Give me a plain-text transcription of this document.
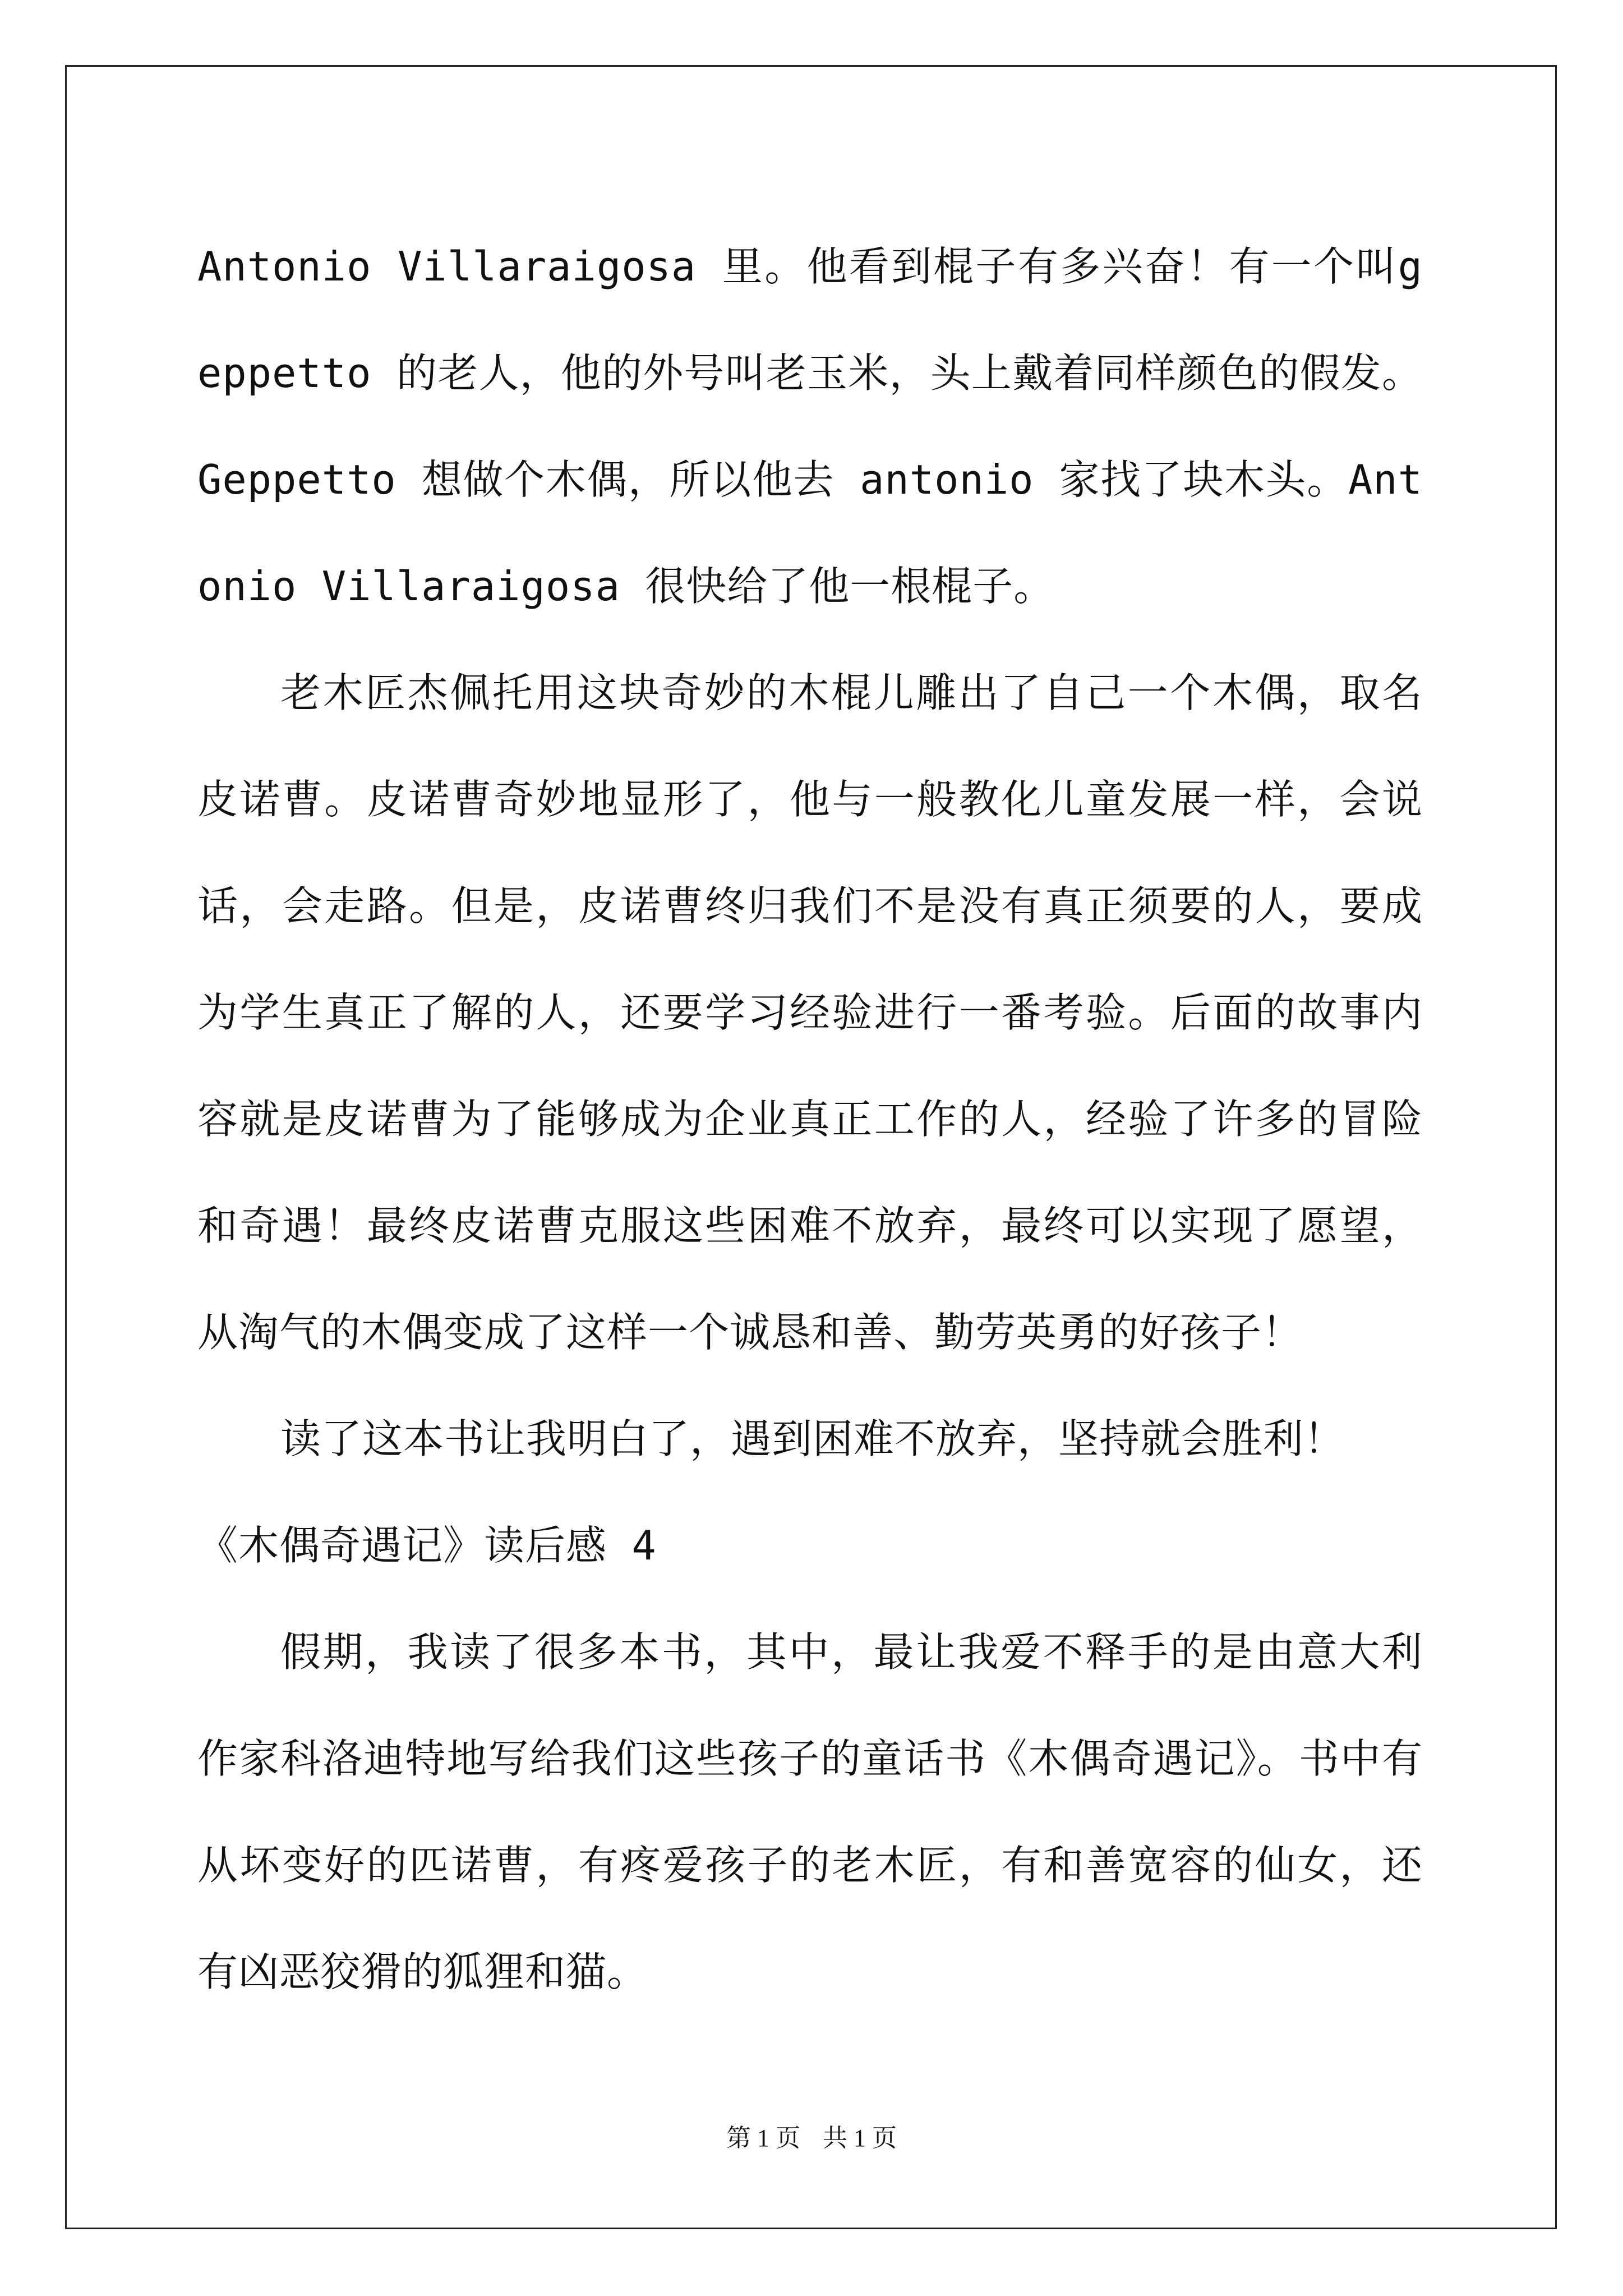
Antonio Villaraigosa 里。他看到棍子有多兴奋！有一个叫geppetto 的老人，他的外号叫老玉米，头上戴着同样颜色的假发。Geppetto 想做个木偶，所以他去 antonio 家找了块木头。Antonio Villaraigosa 很快给了他一根棍子。

老木匠杰佩托用这块奇妙的木棍儿雕出了自己一个木偶，取名皮诺曹。皮诺曹奇妙地显形了，他与一般教化儿童发展一样，会说话，会走路。但是，皮诺曹终归我们不是没有真正须要的人，要成为学生真正了解的人，还要学习经验进行一番考验。后面的故事内容就是皮诺曹为了能够成为企业真正工作的人，经验了许多的冒险和奇遇！最终皮诺曹克服这些困难不放弃，最终可以实现了愿望，从淘气的木偶变成了这样一个诚恳和善、勤劳英勇的好孩子！

读了这本书让我明白了，遇到困难不放弃，坚持就会胜利！

《木偶奇遇记》读后感 4

假期，我读了很多本书，其中，最让我爱不释手的是由意大利作家科洛迪特地写给我们这些孩子的童话书《木偶奇遇记》。书中有从坏变好的匹诺曹，有疼爱孩子的老木匠，有和善宽容的仙女，还有凶恶狡猾的狐狸和猫。

第 1 页 共 1 页
